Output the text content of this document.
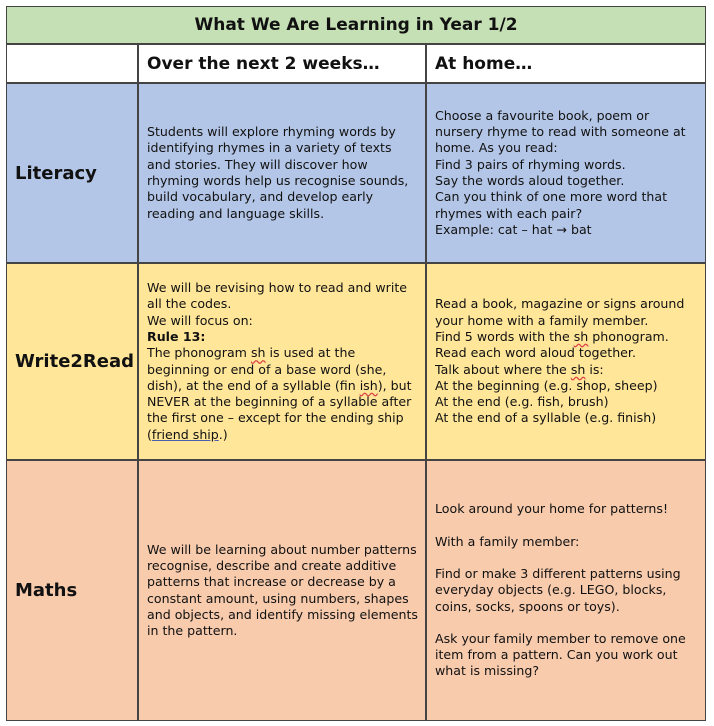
What We Are Learning in Year 1/2
Over the next 2 weeks…	At home…
Literacy

Students will explore rhyming words by identifying rhymes in a variety of texts and stories. They will discover how rhyming words help us recognise sounds, build vocabulary, and develop early reading and language skills.

Choose a favourite book, poem or nursery rhyme to read with someone at home. As you read:

Find 3 pairs of rhyming words.

Say the words aloud together.

Can you think of one more word that rhymes with each pair?

Example: cat – hat → bat

Write2Read

We will be revising how to read and write all the codes.

We will focus on:

Rule 13:

The phonogram sh is used at the beginning or end of a base word (she, dish), at the end of a syllable (fin ish), but NEVER at the beginning of a syllable after the first one – except for the ending ship (friend ship.)

Read a book, magazine or signs around your home with a family member.

Find 5 words with the sh phonogram.

Read each word aloud together.

Talk about where the sh is:

At the beginning (e.g. shop, sheep)

At the end (e.g. fish, brush)

At the end of a syllable (e.g. finish)

Maths

We will be learning about number patterns recognise, describe and create additive patterns that increase or decrease by a constant amount, using numbers, shapes and objects, and identify missing elements in the pattern.

Look around your home for patterns!

With a family member:

Find or make 3 different patterns using everyday objects (e.g. LEGO, blocks, coins, socks, spoons or toys).

Ask your family member to remove one item from a pattern. Can you work out what is missing?
